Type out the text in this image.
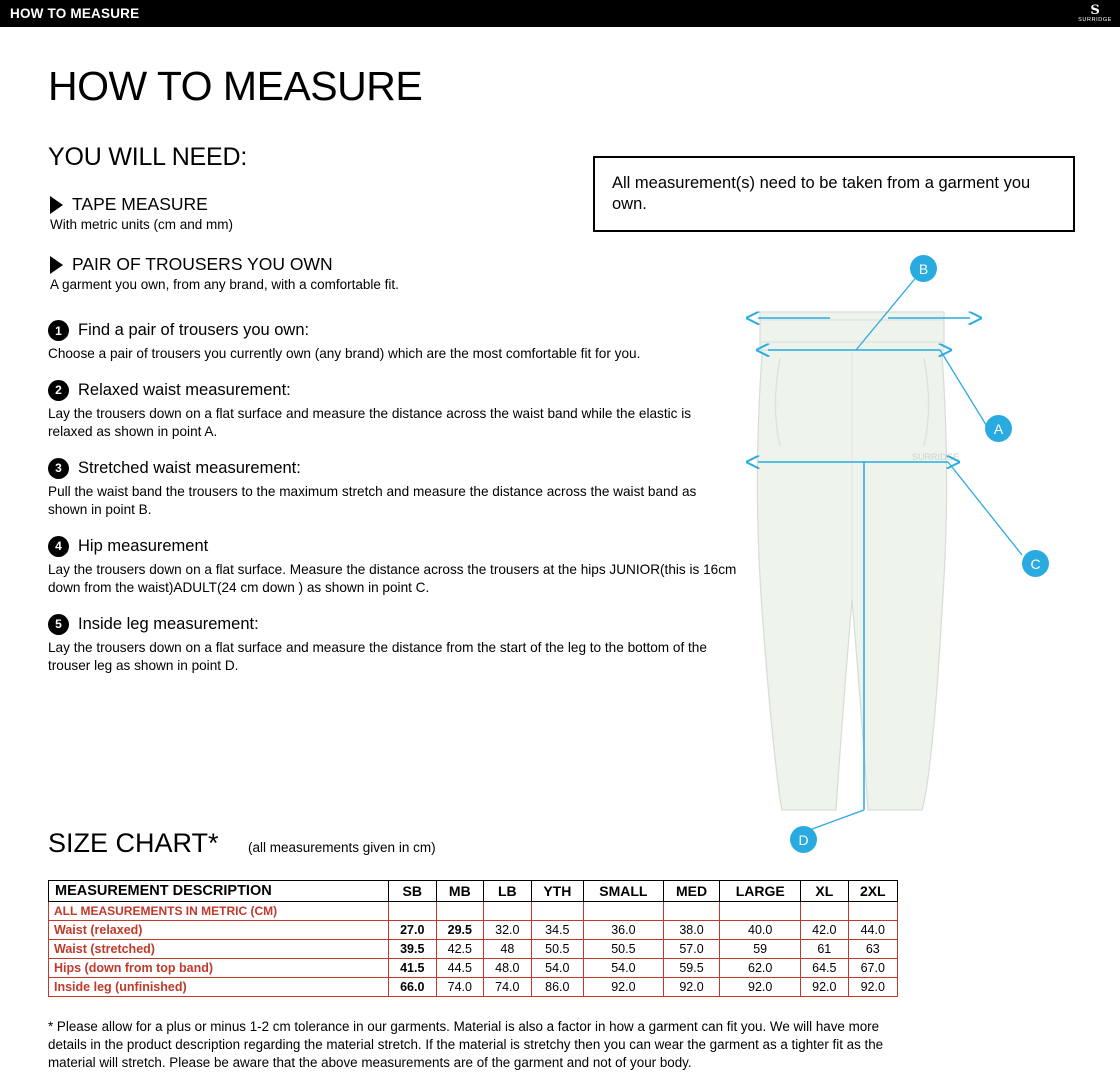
HOW TO MEASURE	S
SURRIDGE
HOW TO MEASURE
YOU WILL NEED:
TAPE MEASURE
With metric units (cm and mm)
PAIR OF TROUSERS YOU OWN
A garment you own, from any brand, with a comfortable fit.
1 Find a pair of trousers you own:
Choose a pair of trousers you currently own (any brand) which are the most comfortable fit for you.
2 Relaxed waist measurement:
Lay the trousers down on a flat surface and measure the distance across the waist band while the elastic is relaxed as shown in point A.
3 Stretched waist measurement:
Pull the waist band the trousers to the maximum stretch and measure the distance across the waist band as shown in point B.
4 Hip measurement
Lay the trousers down on a flat surface. Measure the distance across the trousers at the hips JUNIOR(this is 16cm down from the waist)ADULT(24 cm down ) as shown in point C.
5 Inside leg measurement:
Lay the trousers down on a flat surface and measure the distance from the start of the leg to the bottom of the trouser leg as shown in point D.
All measurement(s) need to be taken from a garment you own.
SURRIDGE
B
A
C
D
SIZE CHART* (all measurements given in cm)
MEASUREMENT DESCRIPTION	SB	MB	LB	YTH	SMALL	MED	LARGE	XL	2XL
ALL MEASUREMENTS IN METRIC (CM)									
Waist (relaxed)	27.0	29.5	32.0	34.5	36.0	38.0	40.0	42.0	44.0
Waist (stretched)	39.5	42.5	48	50.5	50.5	57.0	59	61	63
Hips (down from top band)	41.5	44.5	48.0	54.0	54.0	59.5	62.0	64.5	67.0
Inside leg (unfinished)	66.0	74.0	74.0	86.0	92.0	92.0	92.0	92.0	92.0
* Please allow for a plus or minus 1-2 cm tolerance in our garments. Material is also a factor in how a garment can fit you. We will have more details in the product description regarding the material stretch. If the material is stretchy then you can wear the garment as a tighter fit as the material will stretch. Please be aware that the above measurements are of the garment and not of your body.
